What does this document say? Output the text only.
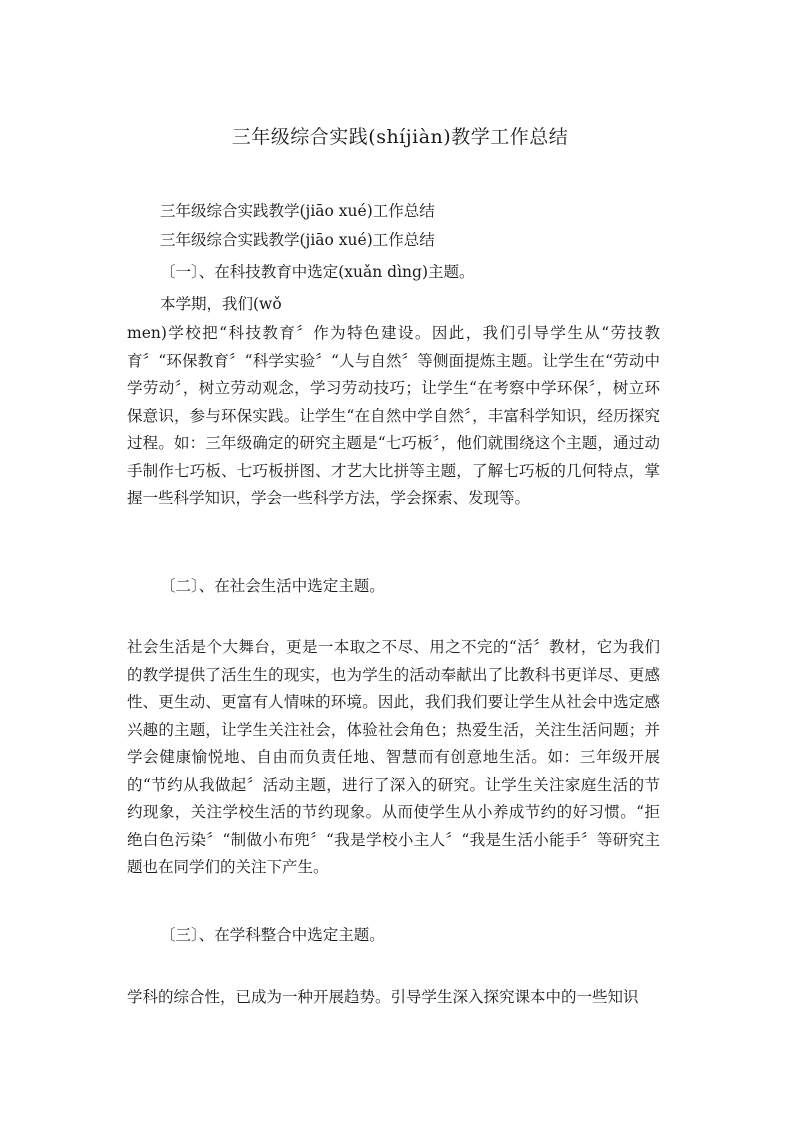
三年级综合实践(shíjiàn)教学工作总结
三年级综合实践教学(jiāo xué)工作总结
三年级综合实践教学(jiāo xué)工作总结
〔一〕、在科技教育中选定(xuǎn dìng)主题。
本学期，我们(wǒ
men)学校把“科技教育〞作为特色建设。因此，我们引导学生从“劳技教育〞“环保教育〞“科学实验〞“人与自然〞等侧面提炼主题。让学生在“劳动中学劳动〞，树立劳动观念，学习劳动技巧；让学生“在考察中学环保〞，树立环保意识，参与环保实践。让学生“在自然中学自然〞，丰富科学知识，经历探究过程。如：三年级确定的研究主题是“七巧板〞，他们就围绕这个主题，通过动手制作七巧板、七巧板拼图、才艺大比拼等主题，了解七巧板的几何特点，掌握一些科学知识，学会一些科学方法，学会探索、发现等。
〔二〕、在社会生活中选定主题。
社会生活是个大舞台，更是一本取之不尽、用之不完的“活〞教材，它为我们的教学提供了活生生的现实，也为学生的活动奉献出了比教科书更详尽、更感性、更生动、更富有人情味的环境。因此，我们我们要让学生从社会中选定感兴趣的主题，让学生关注社会，体验社会角色；热爱生活，关注生活问题；并学会健康愉悦地、自由而负责任地、智慧而有创意地生活。如：三年级开展的“节约从我做起〞活动主题，进行了深入的研究。让学生关注家庭生活的节约现象，关注学校生活的节约现象。从而使学生从小养成节约的好习惯。“拒绝白色污染〞“制做小布兜〞“我是学校小主人〞“我是生活小能手〞等研究主题也在同学们的关注下产生。
〔三〕、在学科整合中选定主题。
学科的综合性，已成为一种开展趋势。引导学生深入探究课本中的一些知识
